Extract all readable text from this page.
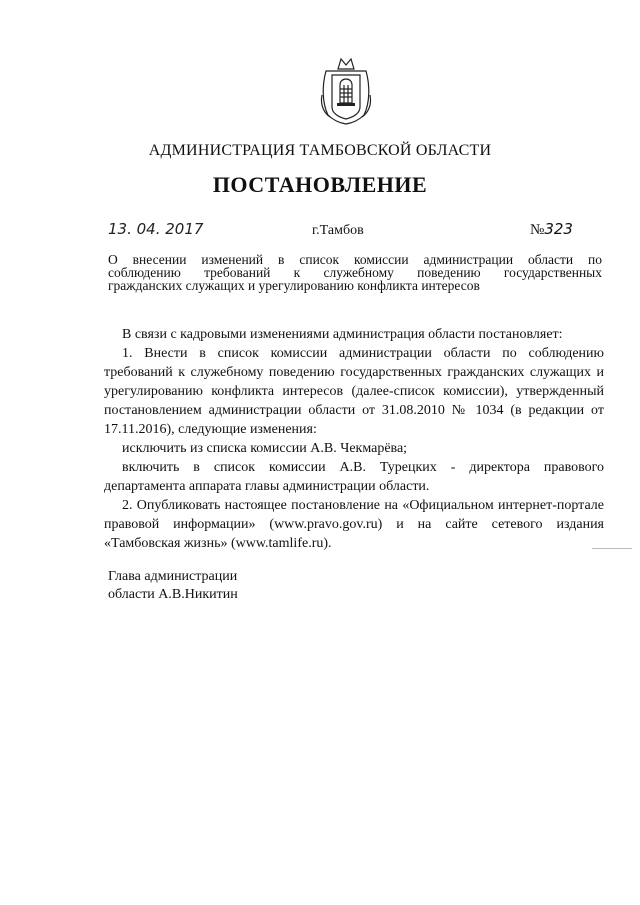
АДМИНИСТРАЦИЯ ТАМБОВСКОЙ ОБЛАСТИ
ПОСТАНОВЛЕНИЕ
13. 04. 2017	г.Тамбов	№323
О внесении изменений в список комиссии администрации области по
соблюдению требований к служебному поведению государственных
гражданских служащих и урегулированию конфликта интересов

В связи с кадровыми изменениями администрация области постановляет:

1. Внести в список комиссии администрации области по соблюдению требований к служебному поведению государственных гражданских служащих и урегулированию конфликта интересов (далее-список комиссии), утвержденный постановлением администрации области от 31.08.2010 № 1034 (в редакции от 17.11.2016), следующие изменения:

исключить из списка комиссии А.В. Чекмарёва;

включить в список комиссии А.В. Турецких - директора правового департамента аппарата главы администрации области.

2. Опубликовать настоящее постановление на «Официальном интернет-портале правовой информации» (www.pravo.gov.ru) и на сайте сетевого издания «Тамбовская жизнь» (www.tamlife.ru).

Глава администрации
области А.В.Никитин
